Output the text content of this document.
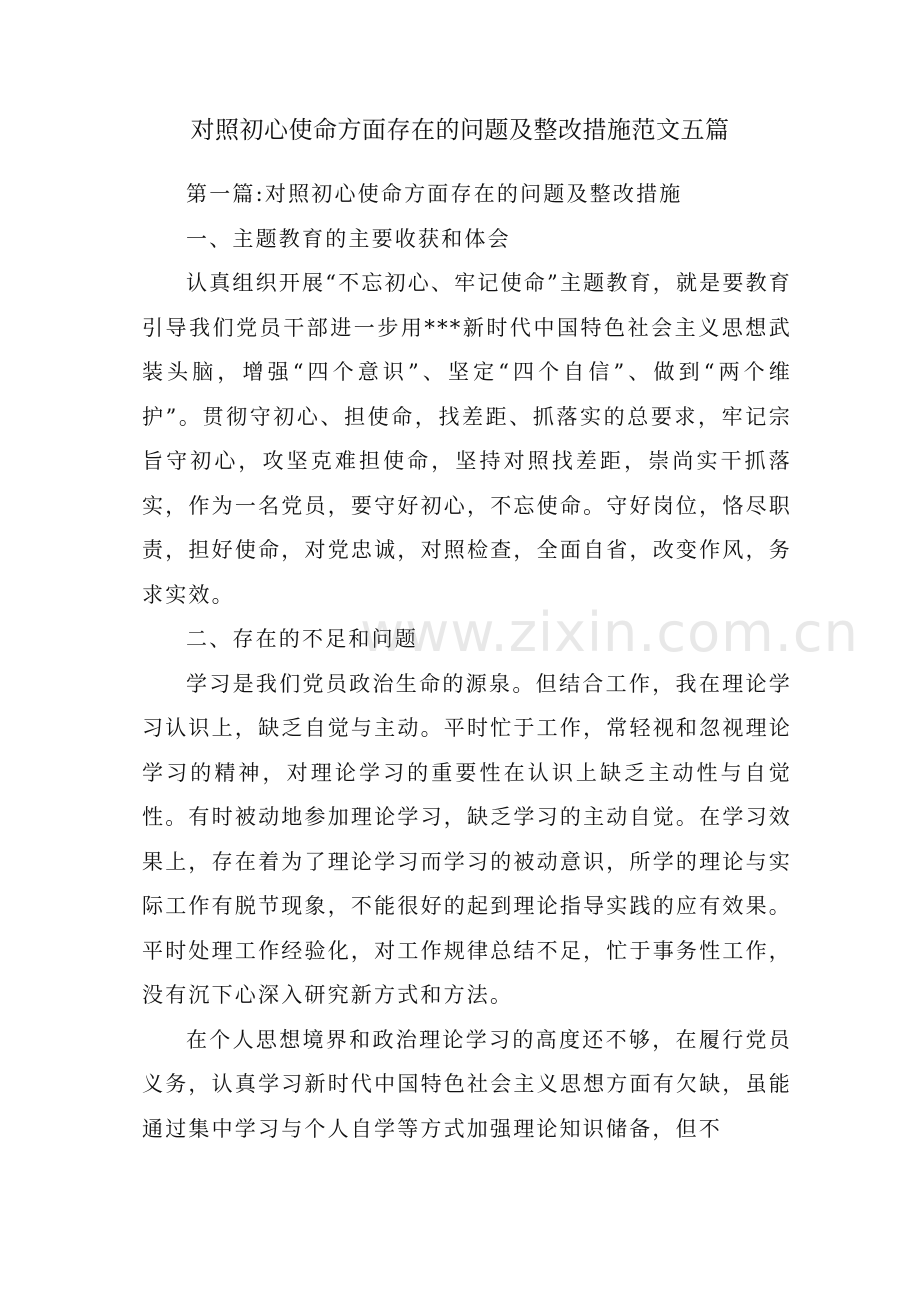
对照初心使命方面存在的问题及整改措施范文五篇

第一篇:对照初心使命方面存在的问题及整改措施

一、主题教育的主要收获和体会

认真组织开展“不忘初心、牢记使命”主题教育，就是要教育引导我们党员干部进一步用***新时代中国特色社会主义思想武装头脑，增强“四个意识”、坚定“四个自信”、做到“两个维护”。贯彻守初心、担使命，找差距、抓落实的总要求，牢记宗旨守初心，攻坚克难担使命，坚持对照找差距，崇尚实干抓落实，作为一名党员，要守好初心，不忘使命。守好岗位，恪尽职责，担好使命，对党忠诚，对照检查，全面自省，改变作风，务求实效。

二、存在的不足和问题

学习是我们党员政治生命的源泉。但结合工作，我在理论学习认识上，缺乏自觉与主动。平时忙于工作，常轻视和忽视理论学习的精神，对理论学习的重要性在认识上缺乏主动性与自觉性。有时被动地参加理论学习，缺乏学习的主动自觉。在学习效果上，存在着为了理论学习而学习的被动意识，所学的理论与实际工作有脱节现象，不能很好的起到理论指导实践的应有效果。平时处理工作经验化，对工作规律总结不足，忙于事务性工作，没有沉下心深入研究新方式和方法。

在个人思想境界和政治理论学习的高度还不够，在履行党员义务，认真学习新时代中国特色社会主义思想方面有欠缺，虽能通过集中学习与个人自学等方式加强理论知识储备，但不

www.zixin.com.cn
